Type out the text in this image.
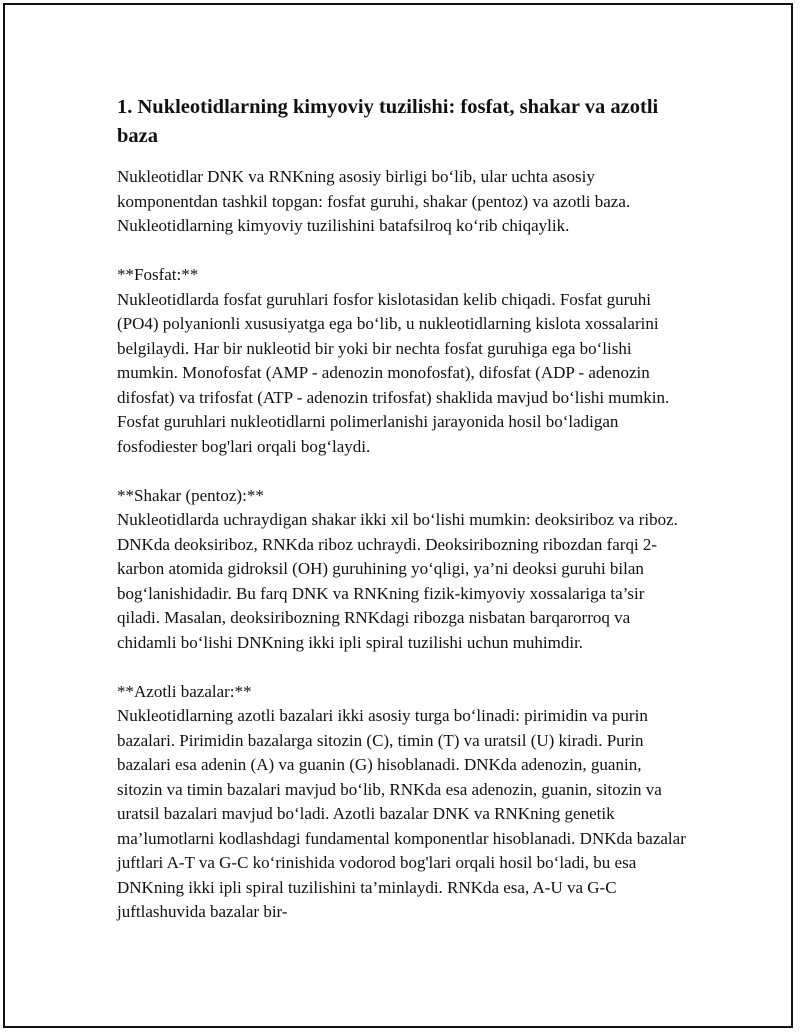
1. Nukleotidlarning kimyoviy tuzilishi: fosfat, shakar va azotli baza

Nukleotidlar DNK va RNKning asosiy birligi bo‘lib, ular uchta asosiy komponentdan tashkil topgan: fosfat guruhi, shakar (pentoz) va azotli baza. Nukleotidlarning kimyoviy tuzilishini batafsilroq ko‘rib chiqaylik.

**Fosfat:**

Nukleotidlarda fosfat guruhlari fosfor kislotasidan kelib chiqadi. Fosfat guruhi (PO4) polyanionli xususiyatga ega bo‘lib, u nukleotidlarning kislota xossalarini belgilaydi. Har bir nukleotid bir yoki bir nechta fosfat guruhiga ega bo‘lishi mumkin. Monofosfat (AMP - adenozin monofosfat), difosfat (ADP - adenozin difosfat) va trifosfat (ATP - adenozin trifosfat) shaklida mavjud bo‘lishi mumkin. Fosfat guruhlari nukleotidlarni polimerlanishi jarayonida hosil bo‘ladigan fosfodiester bog'lari orqali bog‘laydi.

**Shakar (pentoz):**

Nukleotidlarda uchraydigan shakar ikki xil bo‘lishi mumkin: deoksiriboz va riboz. DNKda deoksiriboz, RNKda riboz uchraydi. Deoksiribozning ribozdan farqi 2-karbon atomida gidroksil (OH) guruhining yo‘qligi, ya’ni deoksi guruhi bilan bog‘lanishidadir. Bu farq DNK va RNKning fizik-kimyoviy xossalariga ta’sir qiladi. Masalan, deoksiribozning RNKdagi ribozga nisbatan barqarorroq va chidamli bo‘lishi DNKning ikki ipli spiral tuzilishi uchun muhimdir.

**Azotli bazalar:**

Nukleotidlarning azotli bazalari ikki asosiy turga bo‘linadi: pirimidin va purin bazalari. Pirimidin bazalarga sitozin (C), timin (T) va uratsil (U) kiradi. Purin bazalari esa adenin (A) va guanin (G) hisoblanadi. DNKda adenozin, guanin, sitozin va timin bazalari mavjud bo‘lib, RNKda esa adenozin, guanin, sitozin va uratsil bazalari mavjud bo‘ladi. Azotli bazalar DNK va RNKning genetik ma’lumotlarni kodlashdagi fundamental komponentlar hisoblanadi. DNKda bazalar juftlari A-T va G-C ko‘rinishida vodorod bog'lari orqali hosil bo‘ladi, bu esa DNKning ikki ipli spiral tuzilishini ta’minlaydi. RNKda esa, A-U va G-C juftlashuvida bazalar bir-
